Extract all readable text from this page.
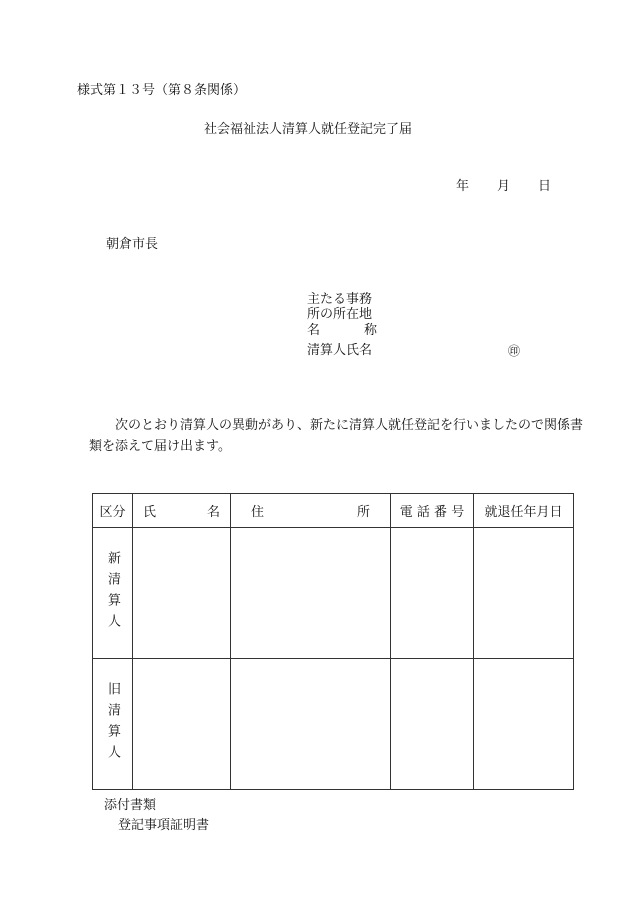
様式第１３号（第８条関係）
社会福祉法人清算人就任登記完了届
年 月 日
朝倉市長
主たる事務
所の所在地
名	称
清算人氏名	㊞
次のとおり清算人の異動があり、新たに清算人就任登記を行いましたので関係書類を添えて届け出ます。
区分	氏 名	住 所	電 話 番 号	就退任年月日

新清算人				

旧清算人				

添付書類
登記事項証明書
